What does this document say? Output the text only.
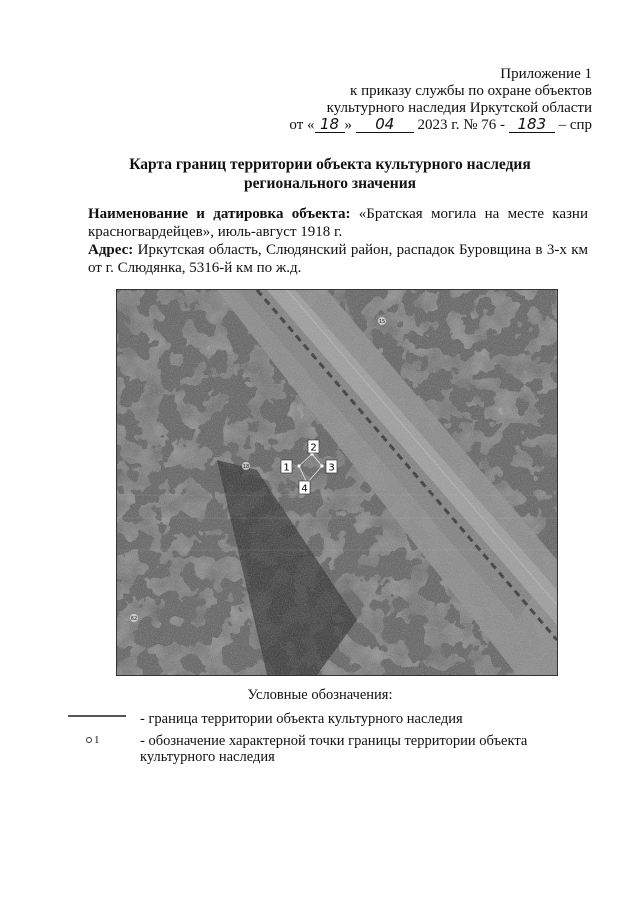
Приложение 1
к приказу службы по охране объектов
культурного наследия Иркутской области
от « 18 » 04 2023 г. № 76 - 183 – спр
Карта границ территории объекта культурного наследия
регионального значения
Наименование и датировка объекта: «Братская могила на месте казни красногвардейцев», июль-август 1918 г.
Адрес: Иркутская область, Слюдянский район, распадок Буровщина в 3-х км от г. Слюдянка, 5316-й км по ж.д.
1
2
3
4
15
18
62
Условные обозначения:
- граница территории объекта культурного наследия
1	- обозначение характерной точки границы территории объекта культурного наследия
